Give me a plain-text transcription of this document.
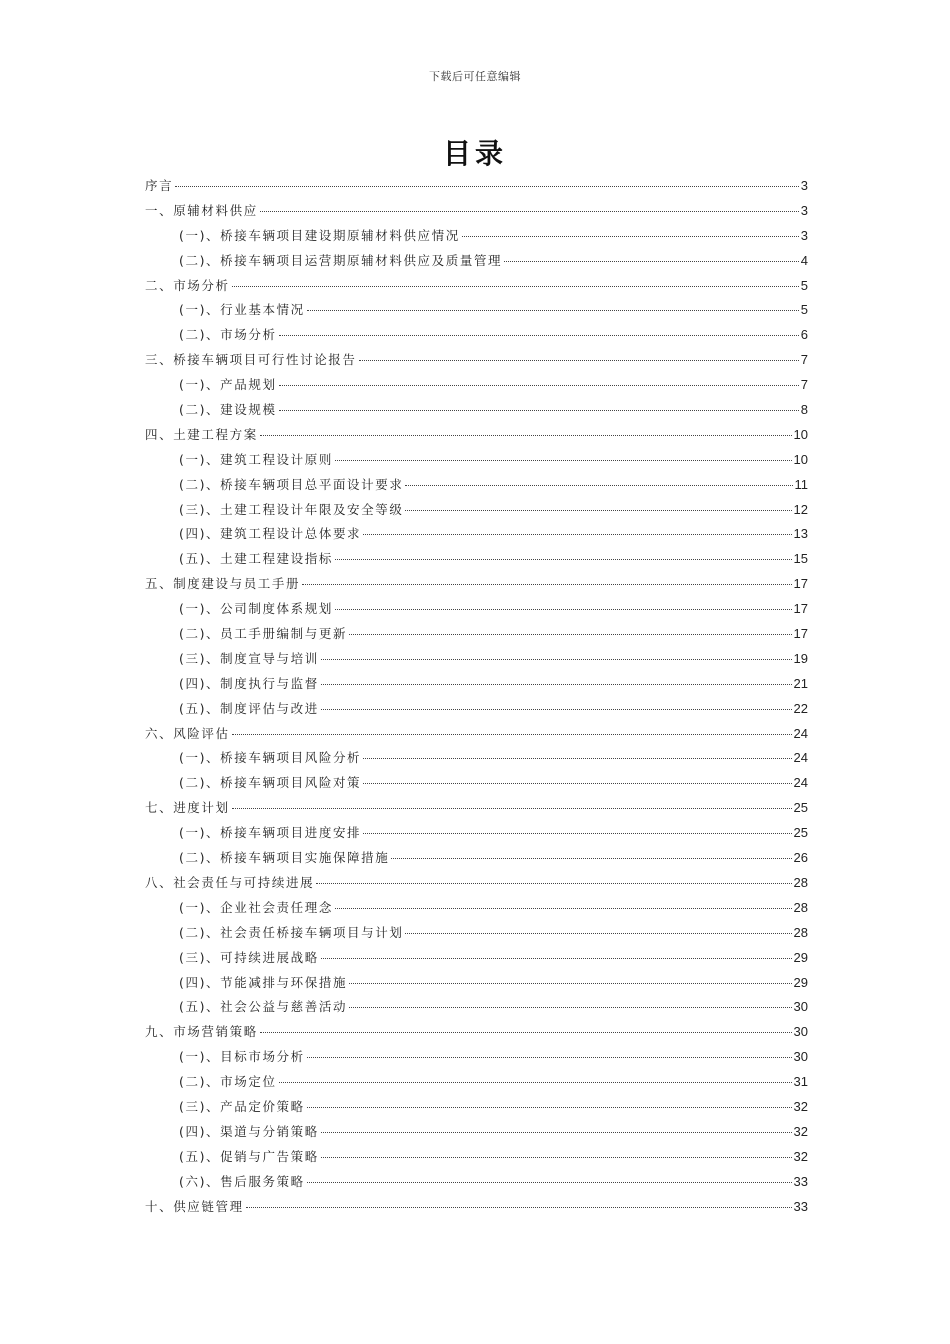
下载后可任意编辑
目录
序言	3
一、原辅材料供应	3
(一)、桥接车辆项目建设期原辅材料供应情况	3
(二)、桥接车辆项目运营期原辅材料供应及质量管理	4
二、市场分析	5
(一)、行业基本情况	5
(二)、市场分析	6
三、桥接车辆项目可行性讨论报告	7
(一)、产品规划	7
(二)、建设规模	8
四、土建工程方案	10
(一)、建筑工程设计原则	10
(二)、桥接车辆项目总平面设计要求	11
(三)、土建工程设计年限及安全等级	12
(四)、建筑工程设计总体要求	13
(五)、土建工程建设指标	15
五、制度建设与员工手册	17
(一)、公司制度体系规划	17
(二)、员工手册编制与更新	17
(三)、制度宣导与培训	19
(四)、制度执行与监督	21
(五)、制度评估与改进	22
六、风险评估	24
(一)、桥接车辆项目风险分析	24
(二)、桥接车辆项目风险对策	24
七、进度计划	25
(一)、桥接车辆项目进度安排	25
(二)、桥接车辆项目实施保障措施	26
八、社会责任与可持续进展	28
(一)、企业社会责任理念	28
(二)、社会责任桥接车辆项目与计划	28
(三)、可持续进展战略	29
(四)、节能减排与环保措施	29
(五)、社会公益与慈善活动	30
九、市场营销策略	30
(一)、目标市场分析	30
(二)、市场定位	31
(三)、产品定价策略	32
(四)、渠道与分销策略	32
(五)、促销与广告策略	32
(六)、售后服务策略	33
十、供应链管理	33
